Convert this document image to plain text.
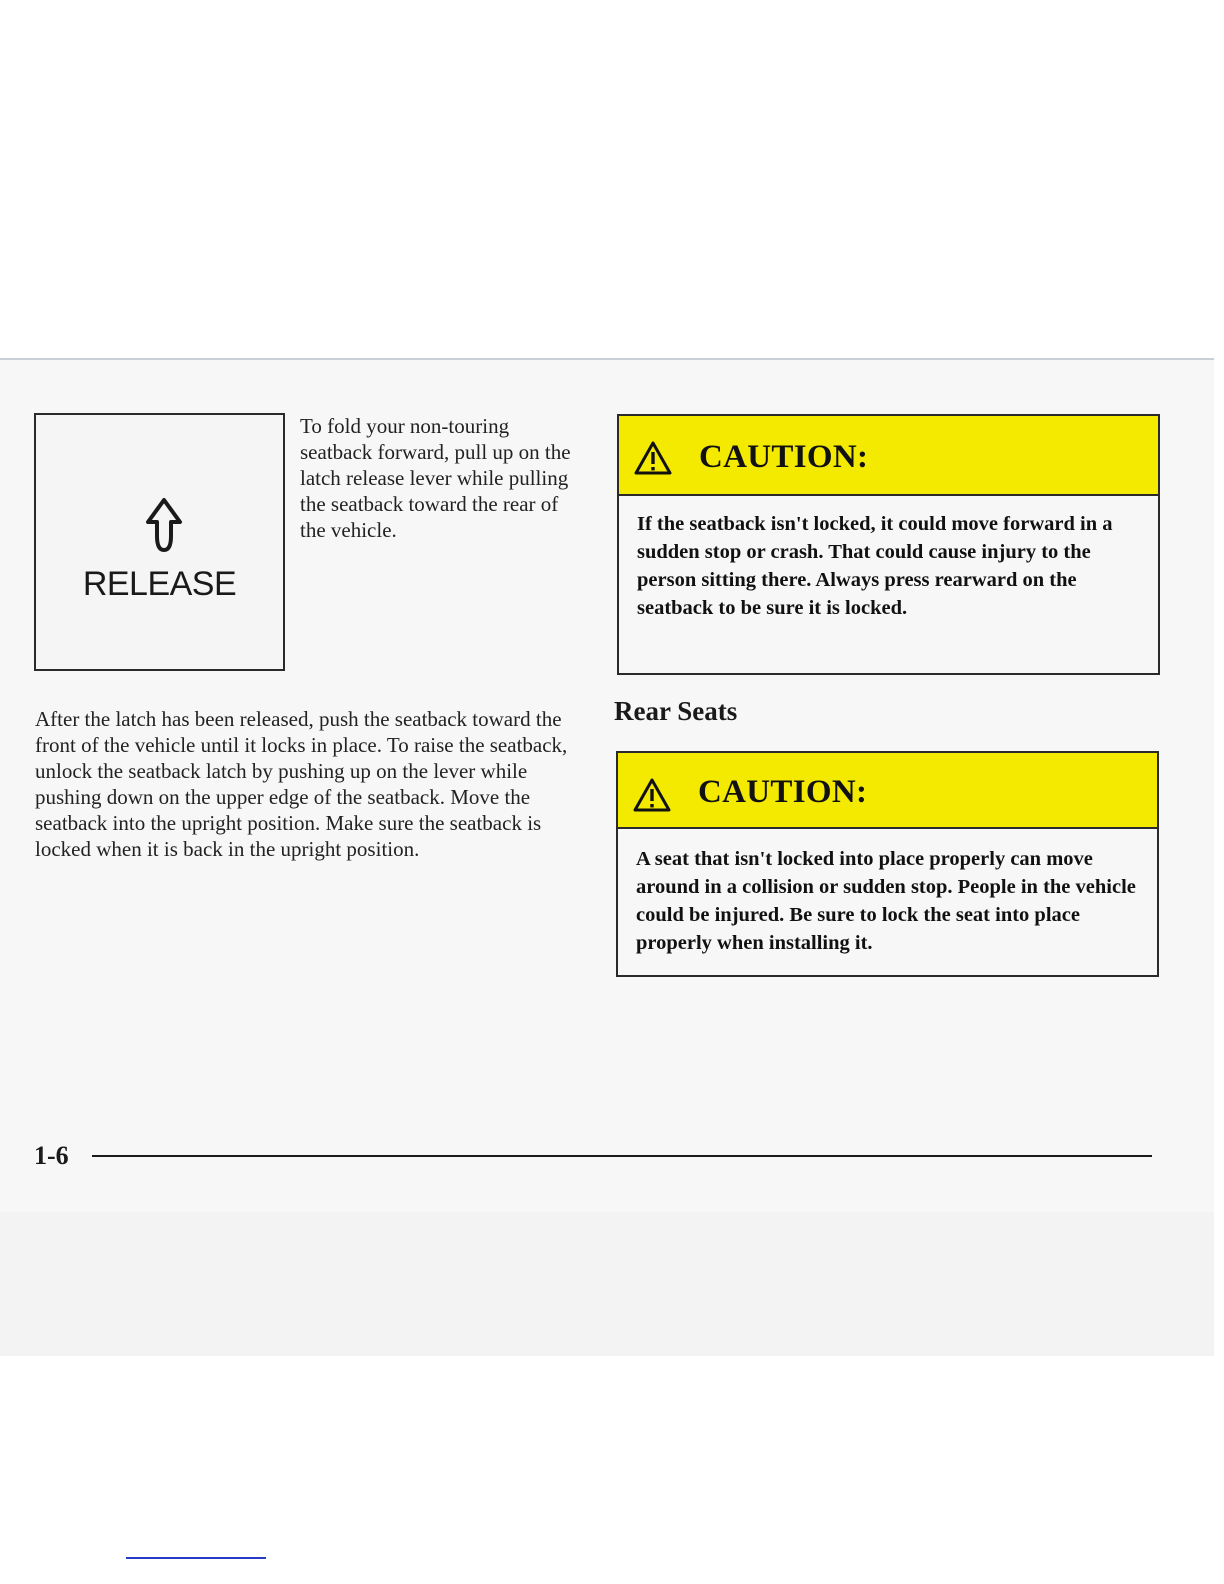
RELEASE

To fold your non-touring seatback forward, pull up on the latch release lever while pulling the seatback toward the rear of the vehicle.

After the latch has been released, push the seatback toward the front of the vehicle until it locks in place. To raise the seatback, unlock the seatback latch by pushing up on the lever while pushing down on the upper edge of the seatback. Move the seatback into the upright position. Make sure the seatback is locked when it is back in the upright position.

CAUTION:

If the seatback isn't locked, it could move forward in a sudden stop or crash. That could cause injury to the person sitting there. Always press rearward on the seatback to be sure it is locked.

Rear Seats
CAUTION:

A seat that isn't locked into place properly can move around in a collision or sudden stop. People in the vehicle could be injured. Be sure to lock the seat into place properly when installing it.

1-6
